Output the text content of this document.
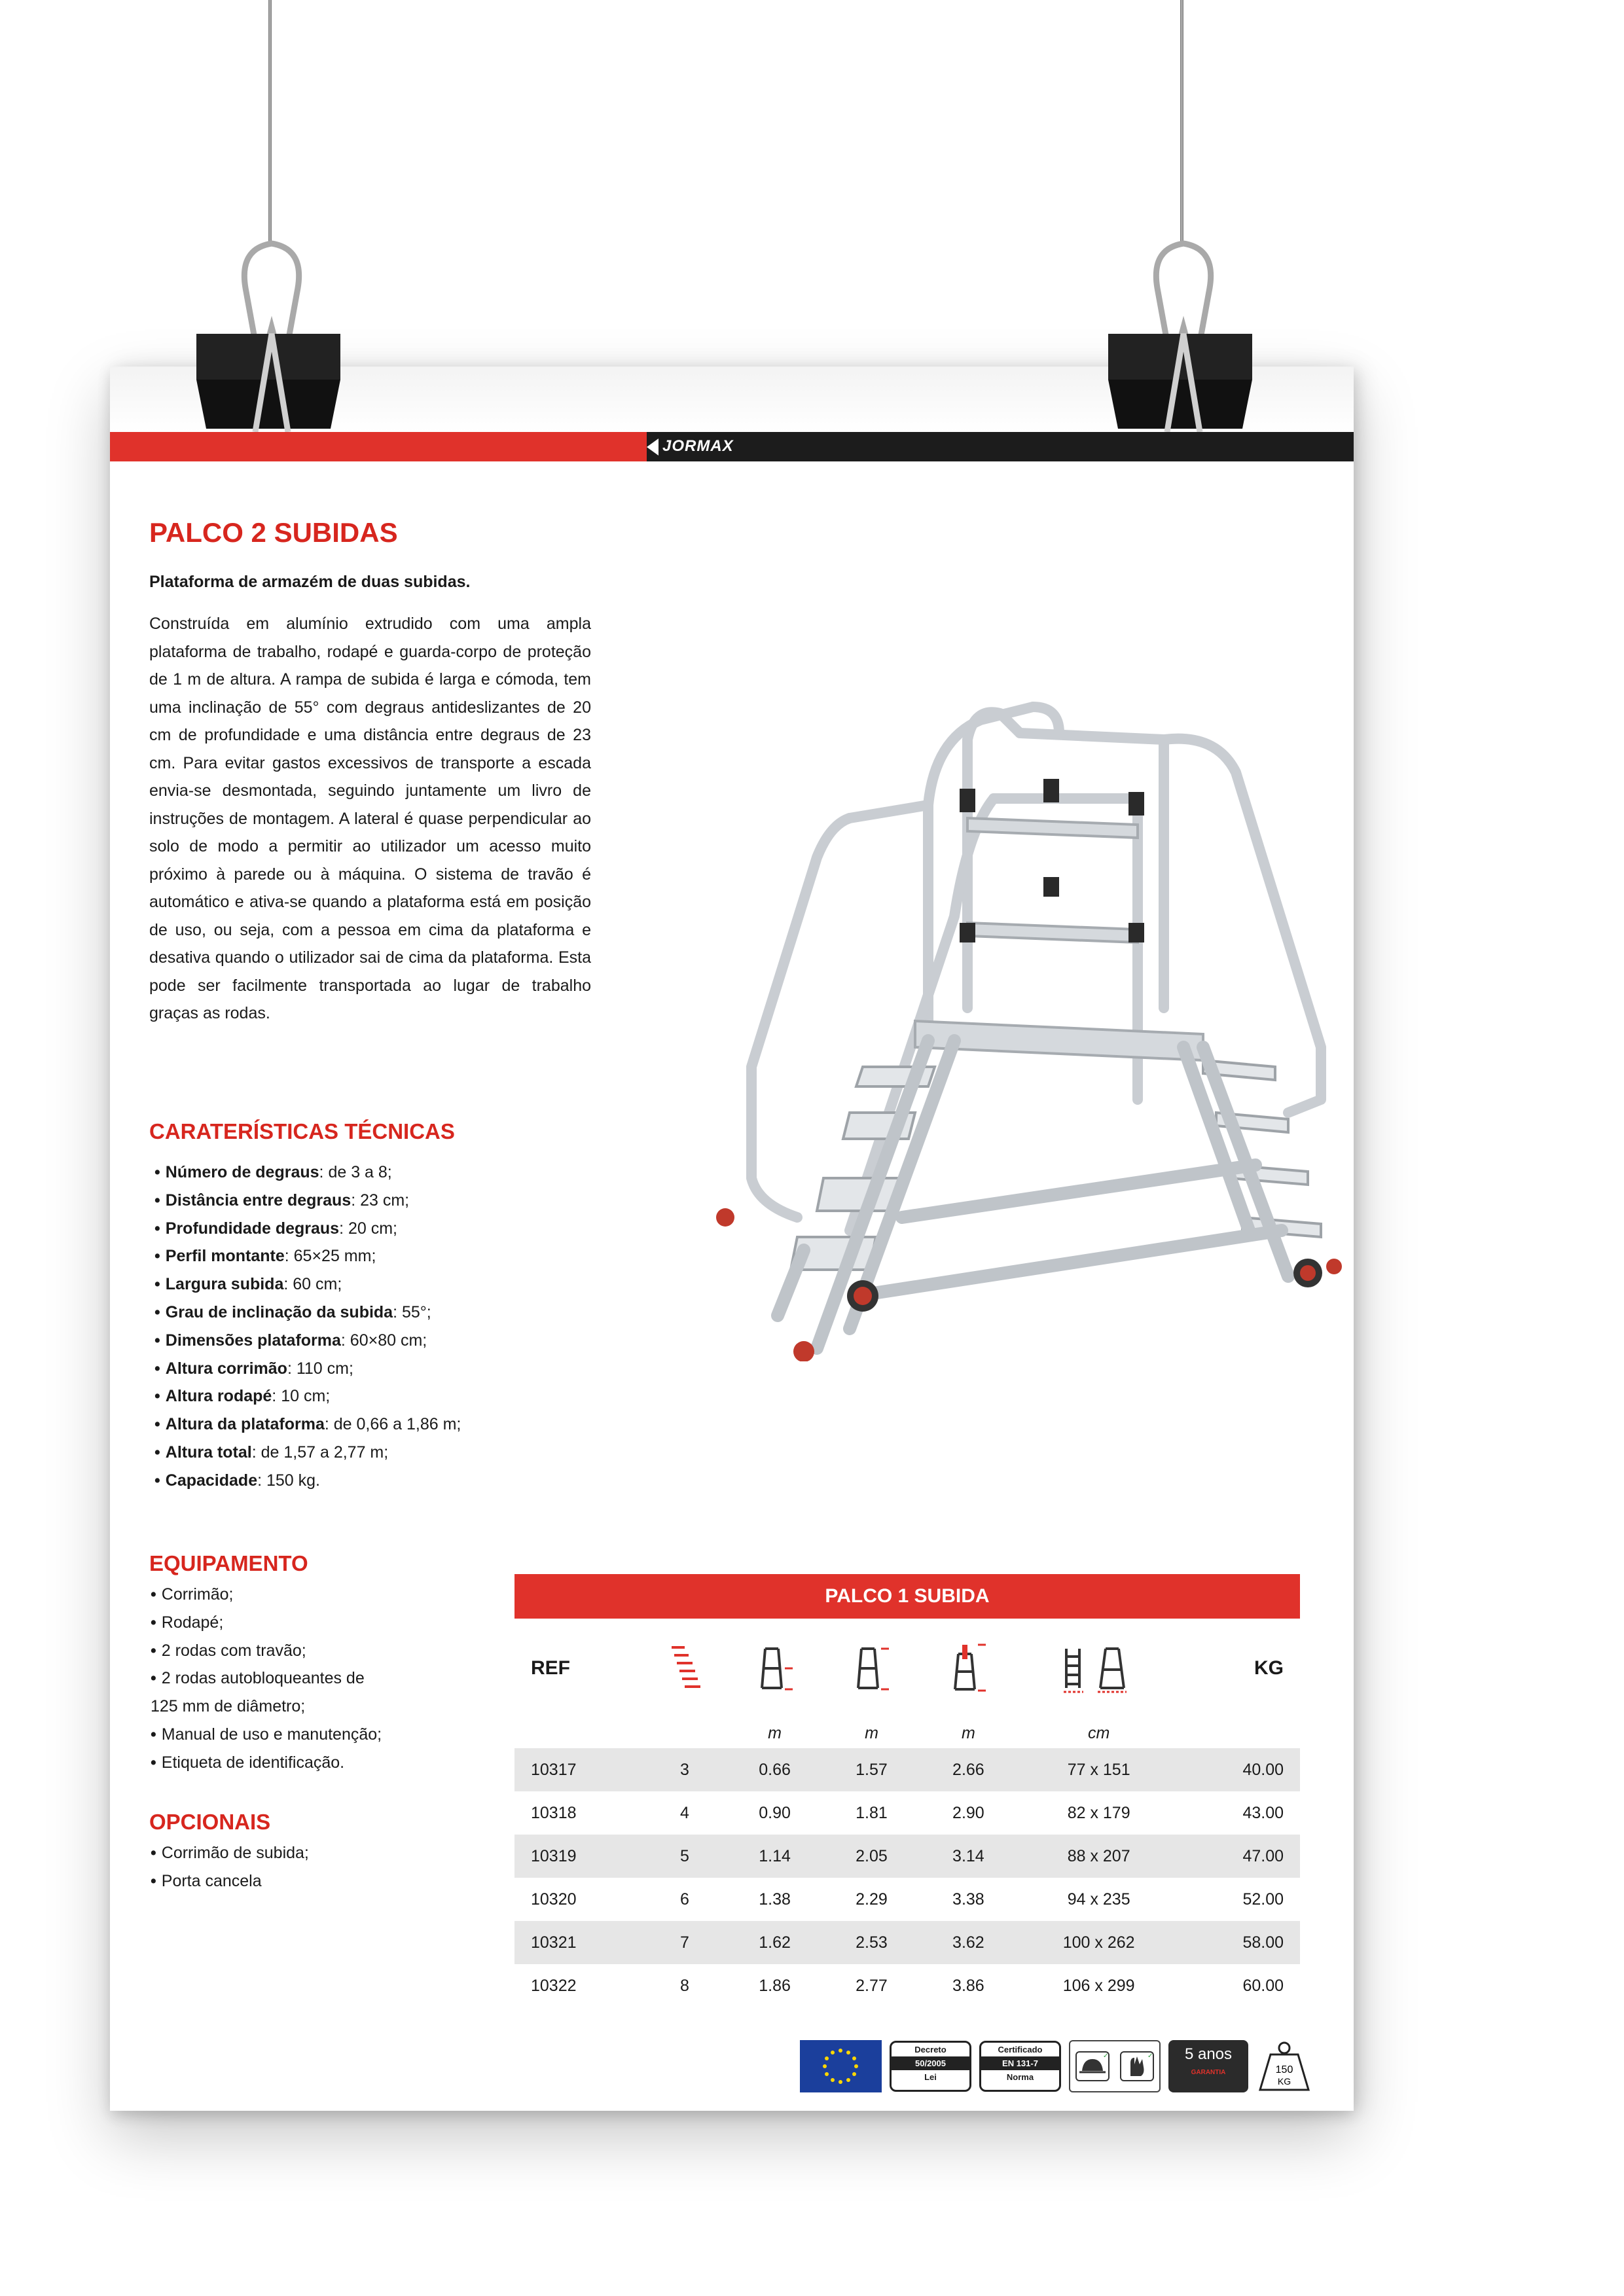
JORMAX
PALCO 2 SUBIDAS

Plataforma de armazém de duas subidas.

Construída em alumínio extrudido com uma ampla plataforma de trabalho, rodapé e guarda-corpo de proteção de 1 m de altura. A rampa de subida é larga e cómoda, tem uma inclinação de 55° com degraus antideslizantes de 20 cm de profundidade e uma distância entre degraus de 23 cm. Para evitar gastos excessivos de transporte a escada envia-se desmontada, seguindo juntamente um livro de instruções de montagem. A lateral é quase perpendicular ao solo de modo a permitir ao utilizador um acesso muito próximo à parede ou à máquina. O sistema de travão é automático e ativa-se quando a plataforma está em posição de uso, ou seja, com a pessoa em cima da plataforma e desativa quando o utilizador sai de cima da plataforma. Esta pode ser facilmente transportada ao lugar de trabalho graças as rodas.

CARATERÍSTICAS TÉCNICAS
• Número de degraus: de 3 a 8;
• Distância entre degraus: 23 cm;
• Profundidade degraus: 20 cm;
• Perfil montante: 65×25 mm;
• Largura subida: 60 cm;
• Grau de inclinação da subida: 55°;
• Dimensões plataforma: 60×80 cm;
• Altura corrimão: 110 cm;
• Altura rodapé: 10 cm;
• Altura da plataforma: de 0,66 a 1,86 m;
• Altura total: de 1,57 a 2,77 m;
• Capacidade: 150 kg.
EQUIPAMENTO
• Corrimão;
• Rodapé;
• 2 rodas com travão;
• 2 rodas autobloqueantes de
125 mm de diâmetro;
• Manual de uso e manutenção;
• Etiqueta de identificação.
OPCIONAIS
• Corrimão de subida;
• Porta cancela
PALCO 1 SUBIDA
REF						KG
		m	m	m	cm	
10317	3	0.66	1.57	2.66	77 x 151	40.00
10318	4	0.90	1.81	2.90	82 x 179	43.00
10319	5	1.14	2.05	3.14	88 x 207	47.00
10320	6	1.38	2.29	3.38	94 x 235	52.00
10321	7	1.62	2.53	3.62	100 x 262	58.00
10322	8	1.86	2.77	3.86	106 x 299	60.00
Decreto
50/2005
Lei
Certificado
EN 131-7
Norma
✓	✓	5 anos
GARANTIA	150
KG
